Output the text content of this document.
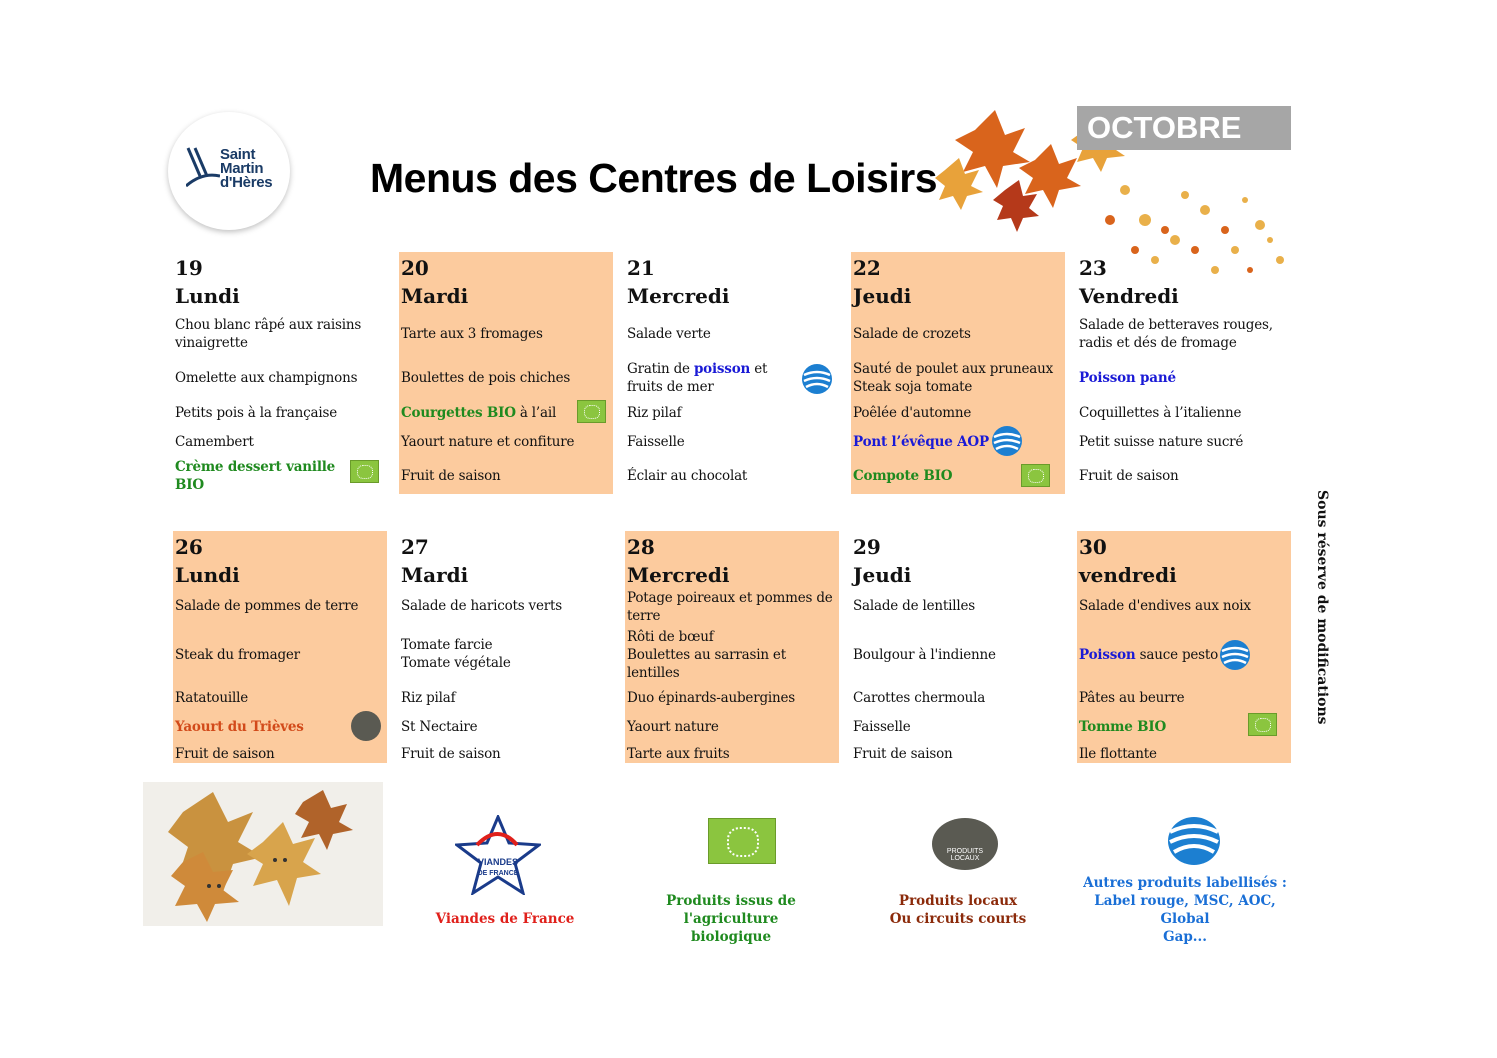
Saint
Martin
d'Hères Menus des Centres de Loisirs
OCTOBRE
19
Lundi
Chou blanc râpé aux raisins
vinaigrette
Omelette aux champignons
Petits pois à la française
Camembert
Crème dessert vanille
BIO
20
Mardi
Tarte aux 3 fromages
Boulettes de pois chiches
Courgettes BIO à l’ail
Yaourt nature et confiture
Fruit de saison
21
Mercredi
Salade verte
Gratin de poisson et
fruits de mer
Riz pilaf
Faisselle
Éclair au chocolat
22
Jeudi
Salade de crozets
Sauté de poulet aux pruneaux
Steak soja tomate
Poêlée d'automne
Pont l’évêque AOP
Compote BIO
23
Vendredi
Salade de betteraves rouges,
radis et dés de fromage
Poisson pané
Coquillettes à l’italienne
Petit suisse nature sucré
Fruit de saison
26
Lundi
Salade de pommes de terre
Steak du fromager
Ratatouille
Yaourt du Trièves
Fruit de saison
27
Mardi
Salade de haricots verts
Tomate farcie
Tomate végétale
Riz pilaf
St Nectaire
Fruit de saison
28
Mercredi
Potage poireaux et pommes de
terre
Rôti de bœuf
Boulettes au sarrasin et
lentilles
Duo épinards-aubergines
Yaourt nature
Tarte aux fruits
29
Jeudi
Salade de lentilles
Boulgour à l'indienne
Carottes chermoula
Faisselle
Fruit de saison
30
vendredi
Salade d'endives aux noix
Poisson sauce pesto
Pâtes au beurre
Tomme BIO
Ile flottante
Sous réserve de modifications
VIANDES
DE FRANCE
Viandes de France
Produits issus de l'agriculture
biologique
PRODUITS LOCAUX
Produits locaux
Ou circuits courts
Autres produits labellisés :
Label rouge, MSC, AOC, Global
Gap...
